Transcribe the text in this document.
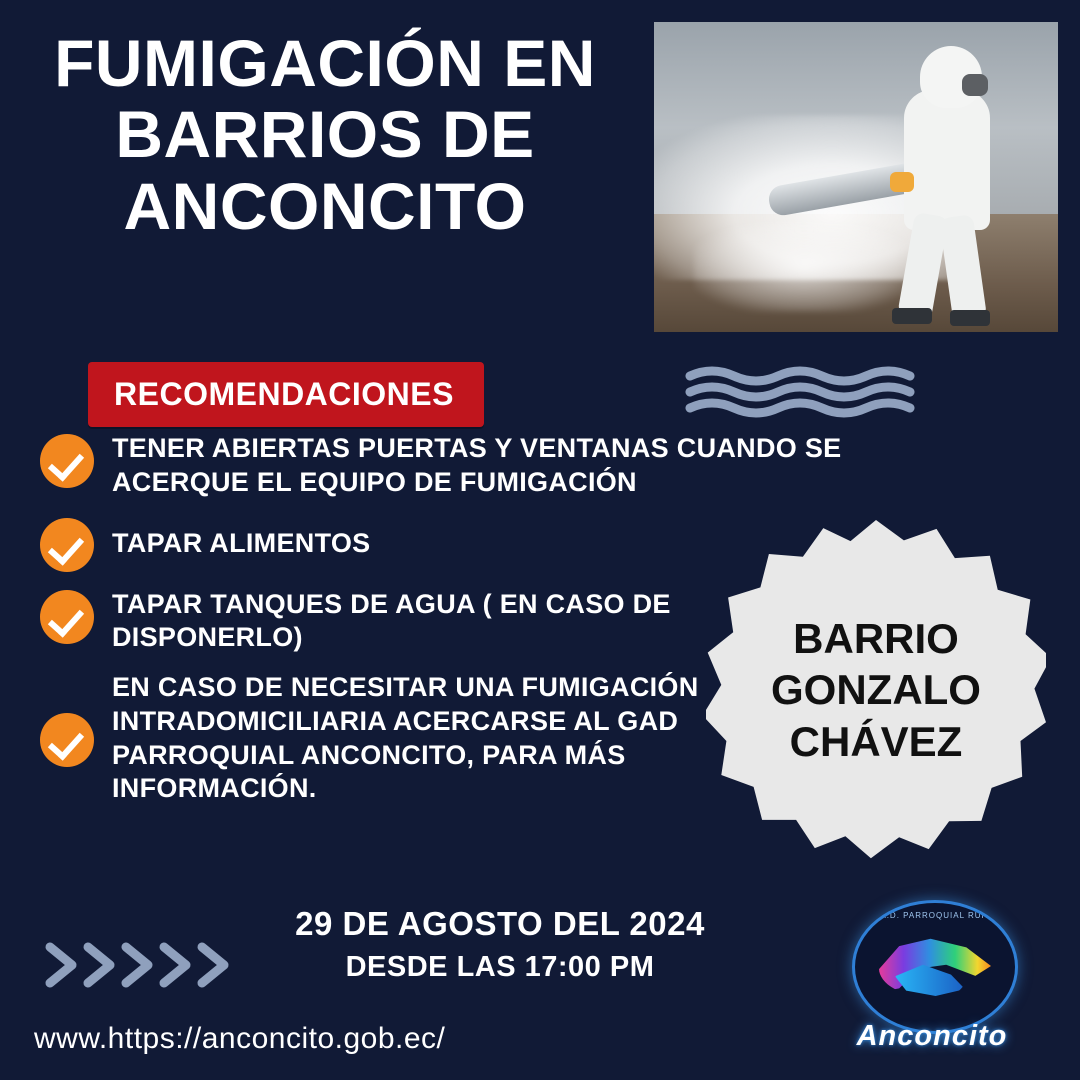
FUMIGACIÓN EN
BARRIOS DE
ANCONCITO
RECOMENDACIONES
TENER ABIERTAS PUERTAS Y VENTANAS CUANDO SE ACERQUE EL EQUIPO DE FUMIGACIÓN
TAPAR ALIMENTOS
TAPAR TANQUES DE AGUA ( EN CASO DE DISPONERLO)
EN CASO DE NECESITAR UNA FUMIGACIÓN INTRADOMICILIARIA ACERCARSE AL GAD PARROQUIAL ANCONCITO, PARA MÁS INFORMACIÓN.
BARRIO
GONZALO
CHÁVEZ
29 DE AGOSTO DEL 2024
DESDE LAS 17:00 PM
www.https://anconcito.gob.ec/
G.A.D. PARROQUIAL RURAL
Anconcito
